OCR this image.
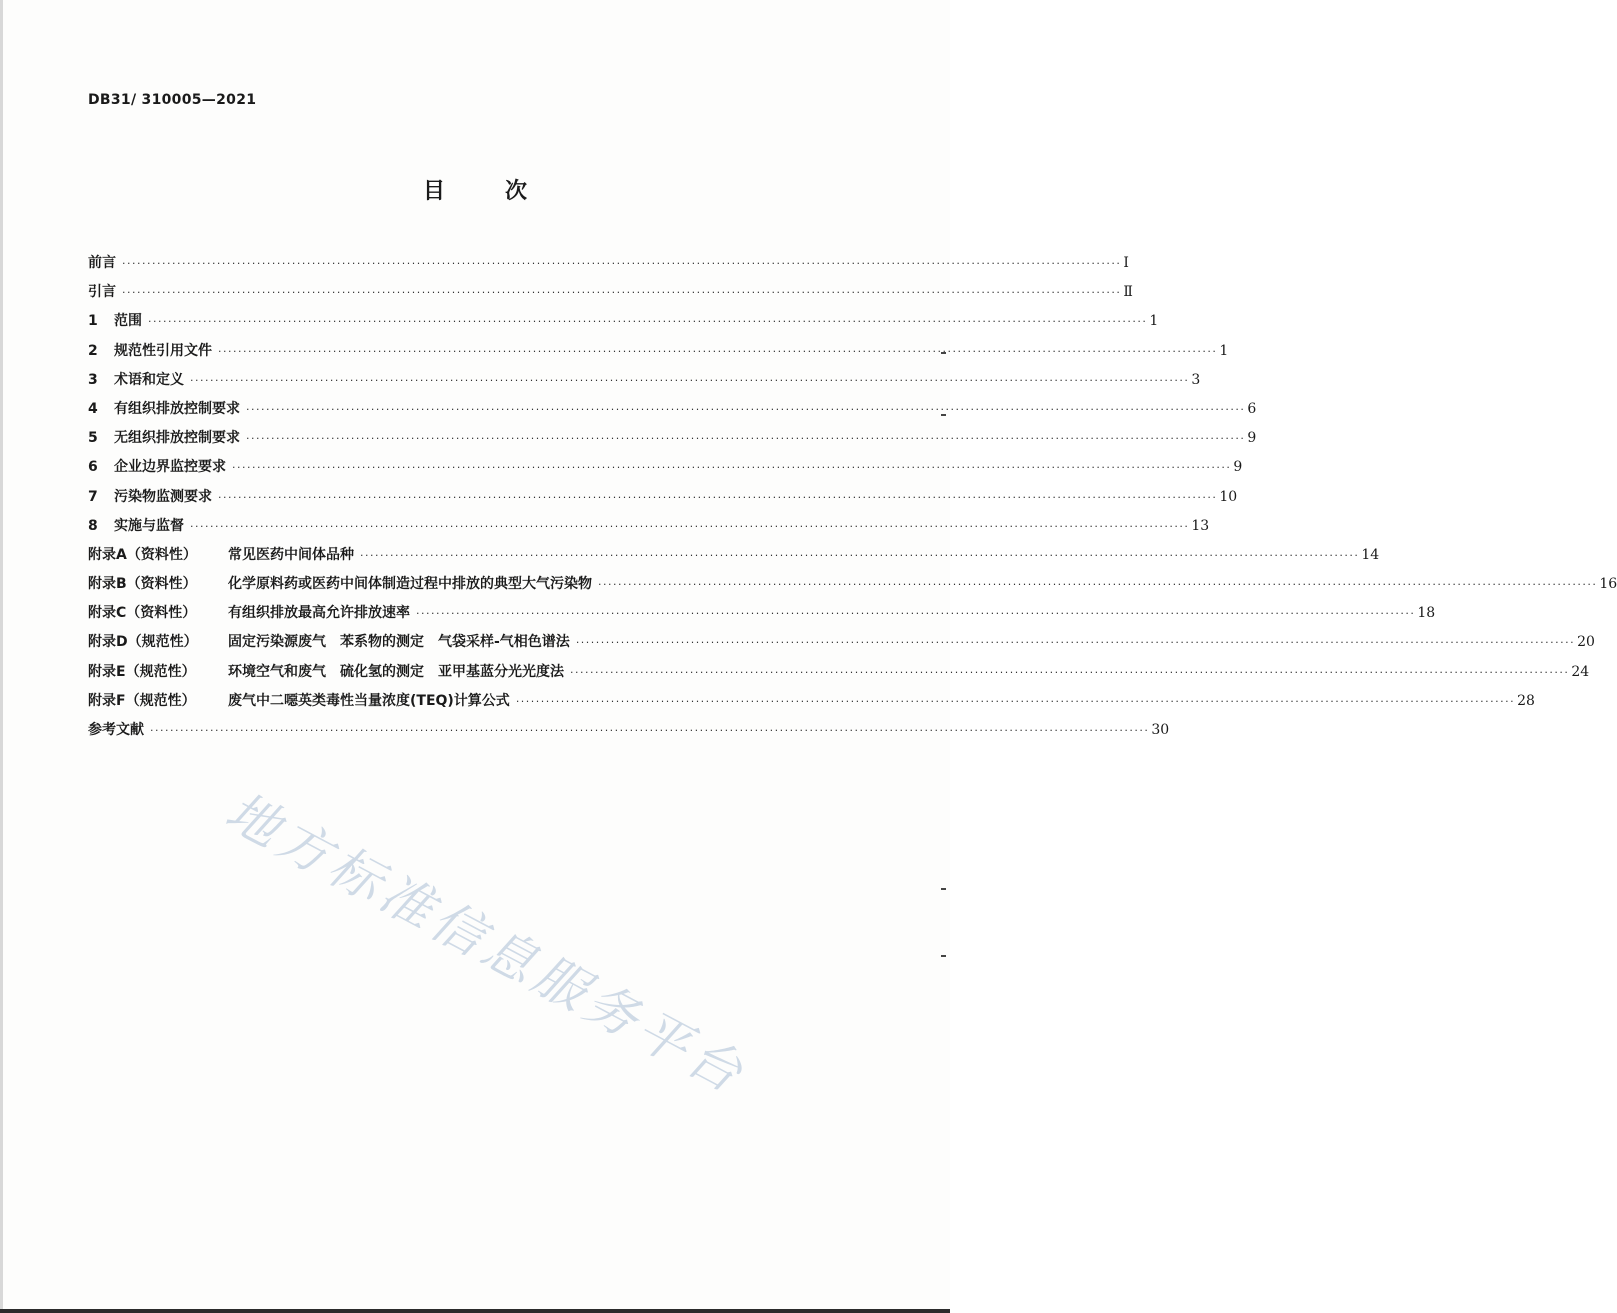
DB31/ 310005—2021
目	次
前言 ········································································································································································································ I
引言 ········································································································································································································ Ⅱ
1	范围 ········································································································································································································ 1
2	规范性引用文件 ········································································································································································································ 1
3	术语和定义 ········································································································································································································ 3
4	有组织排放控制要求 ········································································································································································································ 6
5	无组织排放控制要求 ········································································································································································································ 9
6	企业边界监控要求 ········································································································································································································ 9
7	污染物监测要求 ········································································································································································································ 10
8	实施与监督 ········································································································································································································ 13
附录A（资料性）	常见医药中间体品种 ········································································································································································································ 14
附录B（资料性）	化学原料药或医药中间体制造过程中排放的典型大气污染物 ········································································································································································································ 16
附录C（资料性）	有组织排放最高允许排放速率 ········································································································································································································ 18
附录D（规范性）	固定污染源废气　苯系物的测定　气袋采样-气相色谱法 ········································································································································································································ 20
附录E（规范性）	环境空气和废气　硫化氢的测定　亚甲基蓝分光光度法 ········································································································································································································ 24
附录F（规范性）	废气中二噁英类毒性当量浓度(TEQ)计算公式 ········································································································································································································ 28
参考文献 ········································································································································································································ 30
地方标准信息服务平台
